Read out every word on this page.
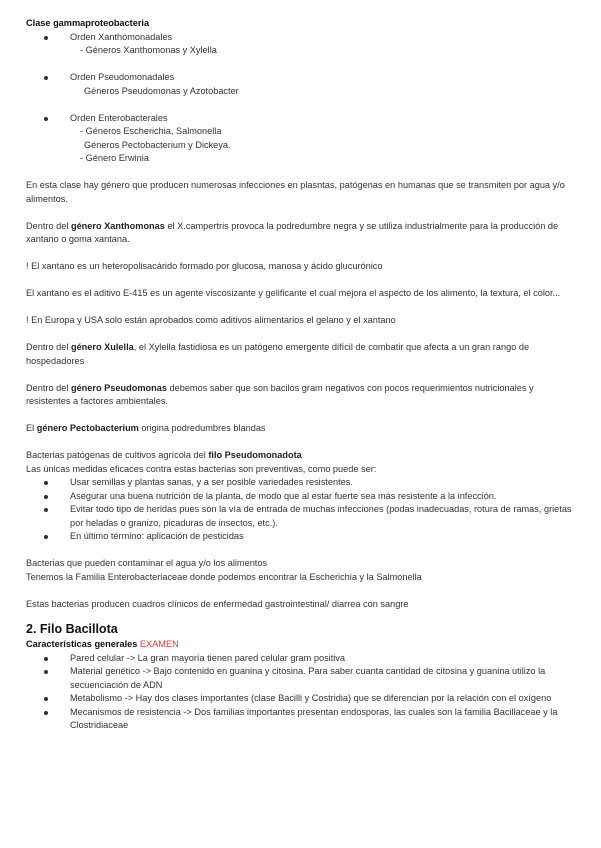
Clase gammaproteobacteria

Orden Xanthomonadales

- Géneros Xanthomonas y Xylella

Orden Pseudomonadales

Géneros Pseudomonas y Azotobacter

Orden Enterobacterales

- Géneros Escherichia, Salmonella

Géneros Pectobacterium y Dickeya.

- Género Erwinia

En esta clase hay género que producen numerosas infecciones en plasntas, patógenas en humanas que se transmiten por agua y/o alimentos.

Dentro del género Xanthomonas el X.campertris provoca la podredumbre negra y se utiliza industrialmente para la producción de xantano o goma xantana.

! El xantano es un heteropolisacárido formado por glucosa, manosa y ácido glucurónico

El xantano es el aditivo E-415 es un agente viscosizante y gelificante el cual mejora el aspecto de los alimento, la textura, el color...

! En Europa y USA solo están aprobados como aditivos alimentarios el gelano y el xantano

Dentro del género Xulella, el Xylella fastidiosa es un patógeno emergente difícil de combatir que afecta a un gran rango de hospedadores

Dentro del género Pseudomonas debemos saber que son bacilos gram negativos con pocos requerimientos nutricionales y resistentes a factores ambientales.

El género Pectobacterium origina podredumbres blandas

Bacterias patógenas de cultivos agrícola del filo Pseudomonadota

Las únicas medidas eficaces contra estas bacterias son preventivas, como puede ser:

Usar semillas y plantas sanas, y a ser posible variedades resistentes.
Asegurar una buena nutrición de la planta, de modo que al estar fuerte sea más resistente a la infección.
Evitar todo tipo de heridas pues son la vía de entrada de muchas infecciones (podas inadecuadas, rotura de ramas, grietas por heladas o granizo, picaduras de insectos, etc.).
En último término: aplicación de pesticidas

Bacterias que pueden contaminar el agua y/o los alimentos

Tenemos la Familia Enterobacteriaceae donde podemos encontrar la Escherichia y la Salmonella

Estas bacterias producen cuadros clínicos de enfermedad gastrointestinal/ diarrea con sangre

2. Filo Bacillota

Características generales EXAMEN

Pared celular -> La gran mayoría tienen pared celular gram positiva
Material genético -> Bajo contenido en guanina y citosina. Para saber cuanta cantidad de citosina y guanina utilizo la secuenciación de ADN
Metabolismo -> Hay dos clases importantes (clase Bacilli y Costridia) que se diferencian por la relación con el oxígeno
Mecanismos de resistencia -> Dos familias importantes presentan endosporas, las cuales son la familia Bacillaceae y la Clostridiaceae
